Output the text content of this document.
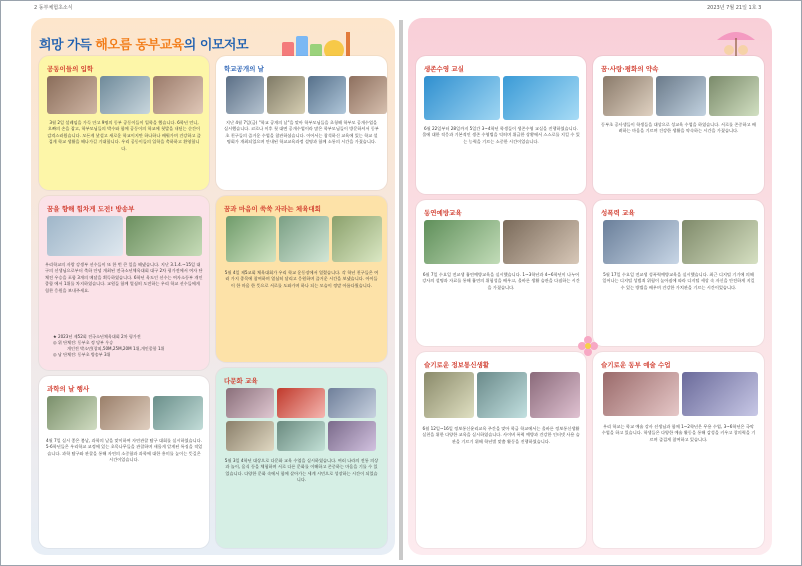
2 동부체험초소식	2023년 7월 21일 1호 3
희망 가득 해오름 동부교육의 이모저모
공동이들의 입학
3월 2일 설레임을 가득 안고 9명의 동부 공동이들이 입학을 했습니다. 6학년 언니, 오빠의 손을 잡고, 학부모님들의 박수와 함께 공동이의 학교에 첫발을 내딛는 순간이 감격스러웠습니다. 모든게 낯설고 새로운 학교이지만 하나하나 배워가며 건강하고 즐겁게 학교 생활을 해나가길 기대합니다. 우리 공동이들의 입학을 축하하고 환영합니다.
학교공개의 날
지난 4월 7일(금) "학교 공개의 날"을 맞아 학부모님들을 초청해 학부모 공개수업을 실시했습니다. 코로나 이후 첫 대면 공개수업이라 많은 학부모님들이 방문하셔서 동부초 친구들의 즐거운 수업을 참관하셨습니다. 이어서는 참석하신 교육에 있는 학교 설명회가 개최되었으며 안내된 학교교육과정 설명과 함께 소통의 시간을 가졌습니다.
꿈을 향해 힘차게 도전! 방송부
우리학교의 자랑 강생부 선수들이 또 한 번 큰 일을 해냈습니다. 지난 3.1.4.~15일 대구의 선생님으로부터 축하 안녕 개최된 전국소년체육대회 대구 2차 평가전에서 여자 단체전 우승을 포함 3개의 메달을 획득하였습니다. 6학년 육도인 선수는 여자소등부 개인종합 에서 1위를 차지하였습니다. 교원들 함께 열심히 도전하는 우리 학교 선수들에게 힘찬 응원을 보내주세요.
★ 2023년 제52회 전국소년체육대회 2차 평가전
◎ 위 단체전: 동부초 정 당부 우승
개인전 박소민(창외,50M,25M,20M 1위,개인종합 1위
◎ 남 단체전: 동부초 방송부 3위
꿈과 마음이 쑥쑥 자라는 체육대회
5월 4일 제5교회 체육대회가 우리 학교 운동장에서 열렸습니다. 각 학년 친구들은 여러 가지 종목에 참여하며 열심히 달리고 응원하며 즐거운 시간을 보냈습니다. 아이들이 한 마음 한 뜻으로 서로를 도와가며 하나 되는 모습이 정말 아름다웠습니다.
과학의 날 행사
4월 7일 실시 좋은 봄날, 과학의 날을 맞이하여 자연관찰 탐구 대회를 실시하였습니다. 5-6학년들은 우리학교 교정에 있는 초목나무들을 관찰하며 새롭게 알게된 특징을 적었습니다. 과학 탐구와 관찰을 통해 자연의 소중함과 과학에 대한 흥미를 높이는 뜻깊은 시간이었습니다.
다문화 교육
5월 3일 4학년 대상으로 다문화 교육 수업을 실시하였습니다. 여러 나라의 전통 의상과 놀이, 음식 등을 체험하며 서로 다른 문화를 이해하고 존중하는 마음을 기를 수 있었습니다. 다양한 문화 속에서 함께 살아가는 세계 시민으로 성장하는 시간이 되었습니다.
생존수영 교실
6월 22일부터 28일까지 5일간 3~4학년 학생들이 생존수영 교실을 진행하였습니다. 물에 대한 적응과 기본적인 생존 수영법을 익히며 위급한 상황에서 스스로를 지킬 수 있는 능력을 기르는 소중한 시간이었습니다.
꿈·사랑·평화의 약속
동부초 공사생들이 학생들을 대상으로 성교육 수업을 하였습니다. 서로를 존중하고 배려하는 마음을 기르며 건강한 생활을 약속하는 시간을 가졌습니다.
동연예방교육
6월 7일 수요일 전교생 흡연예방교육을 실시했습니다. 1~3학년과 4~6학년이 나누어 강사의 설명과 자료를 통해 흡연의 위험성을 배우고, 올바른 생활 습관을 다짐하는 시간을 가졌습니다.
성폭력 교육
5월 17일 수요일 전교생 성폭력예방교육을 실시했습니다. 최근 디지털 기기에 의해 일어나는 디지털 성범죄 위험이 높아짐에 따라 디지털 세상 속 자신을 안전하게 지킬 수 있는 방법을 배우며 건강한 가치관을 기르는 시간이었습니다.
슬기로운 정보통신생활
6월 12일~16일 정보통신윤리교육 주간을 맞아 학급 학교에서는 올바른 정보통신생활 실천을 위한 다양한 교육을 실시하였습니다. 사이버 폭력 예방과 건강한 인터넷 사용 습관을 기르기 위해 학년별 맞춤 활동을 진행하였습니다.
슬기로운 동부 예술 수업
우리 학교는 학교 예술 강사 선생님과 함께 1~2학년은 무용 수업, 3~6학년은 국악 수업을 하고 있습니다. 학생들은 다양한 예술 활동을 통해 감성을 키우고 창의력을 기르며 즐겁게 참여하고 있습니다.
